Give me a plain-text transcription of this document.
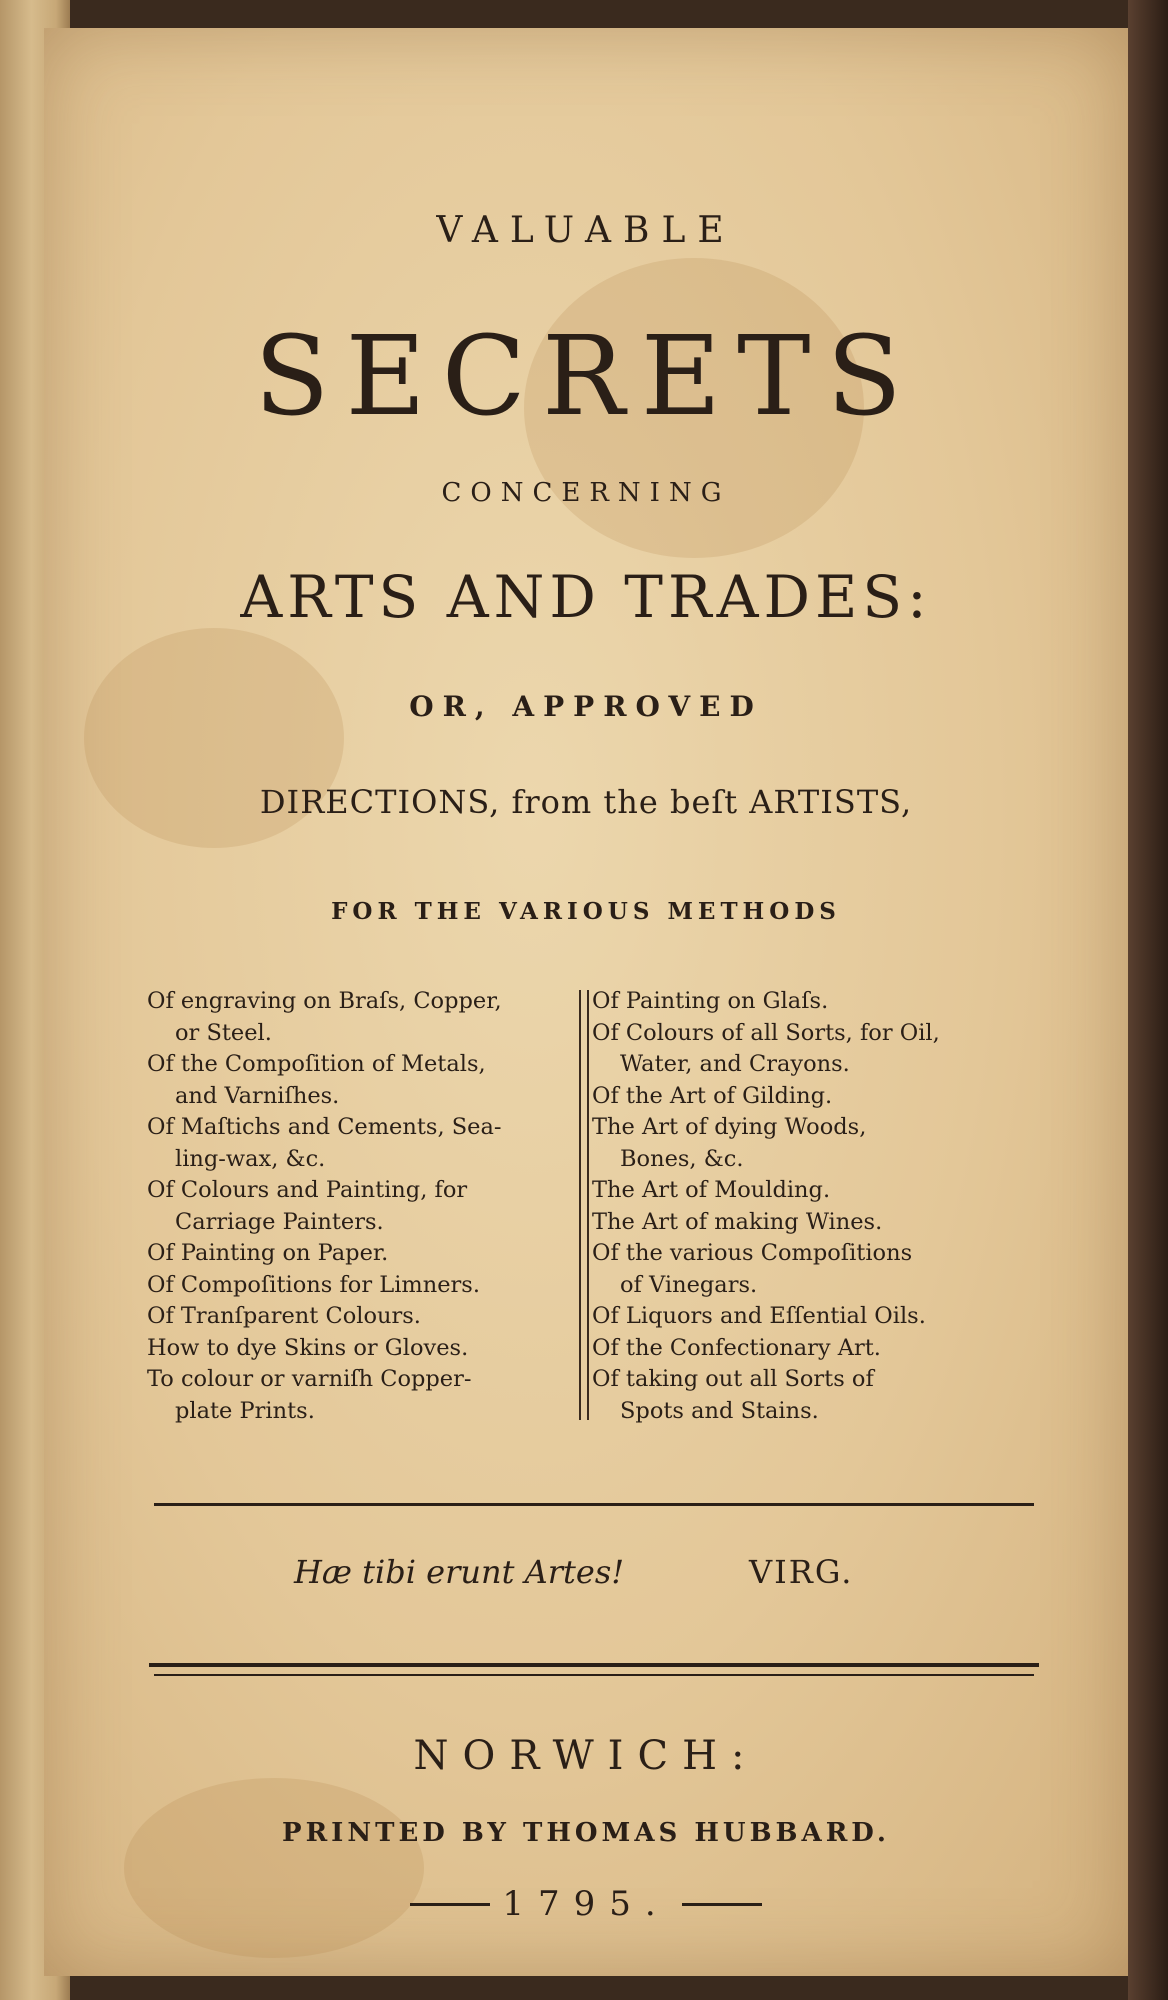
VALUABLE
SECRETS
CONCERNING
ARTS AND TRADES:
OR, APPROVED
DIRECTIONS, from the beſt ARTISTS,
FOR THE VARIOUS METHODS
Of engraving on Braſs, Copper,
or Steel.
Of the Compoſition of Metals,
and Varniſhes.
Of Maſtichs and Cements, Sea-
ling-wax, &c.
Of Colours and Painting, for
Carriage Painters.
Of Painting on Paper.
Of Compoſitions for Limners.
Of Tranſparent Colours.
How to dye Skins or Gloves.
To colour or varniſh Copper-
plate Prints.
Of Painting on Glaſs.
Of Colours of all Sorts, for Oil,
Water, and Crayons.
Of the Art of Gilding.
The Art of dying Woods,
Bones, &c.
The Art of Moulding.
The Art of making Wines.
Of the various Compoſitions
of Vinegars.
Of Liquors and Eſſential Oils.
Of the Confectionary Art.
Of taking out all Sorts of
Spots and Stains.
Hæ tibi erunt Artes!	VIRG.
NORWICH:
PRINTED BY THOMAS HUBBARD.
1795.
